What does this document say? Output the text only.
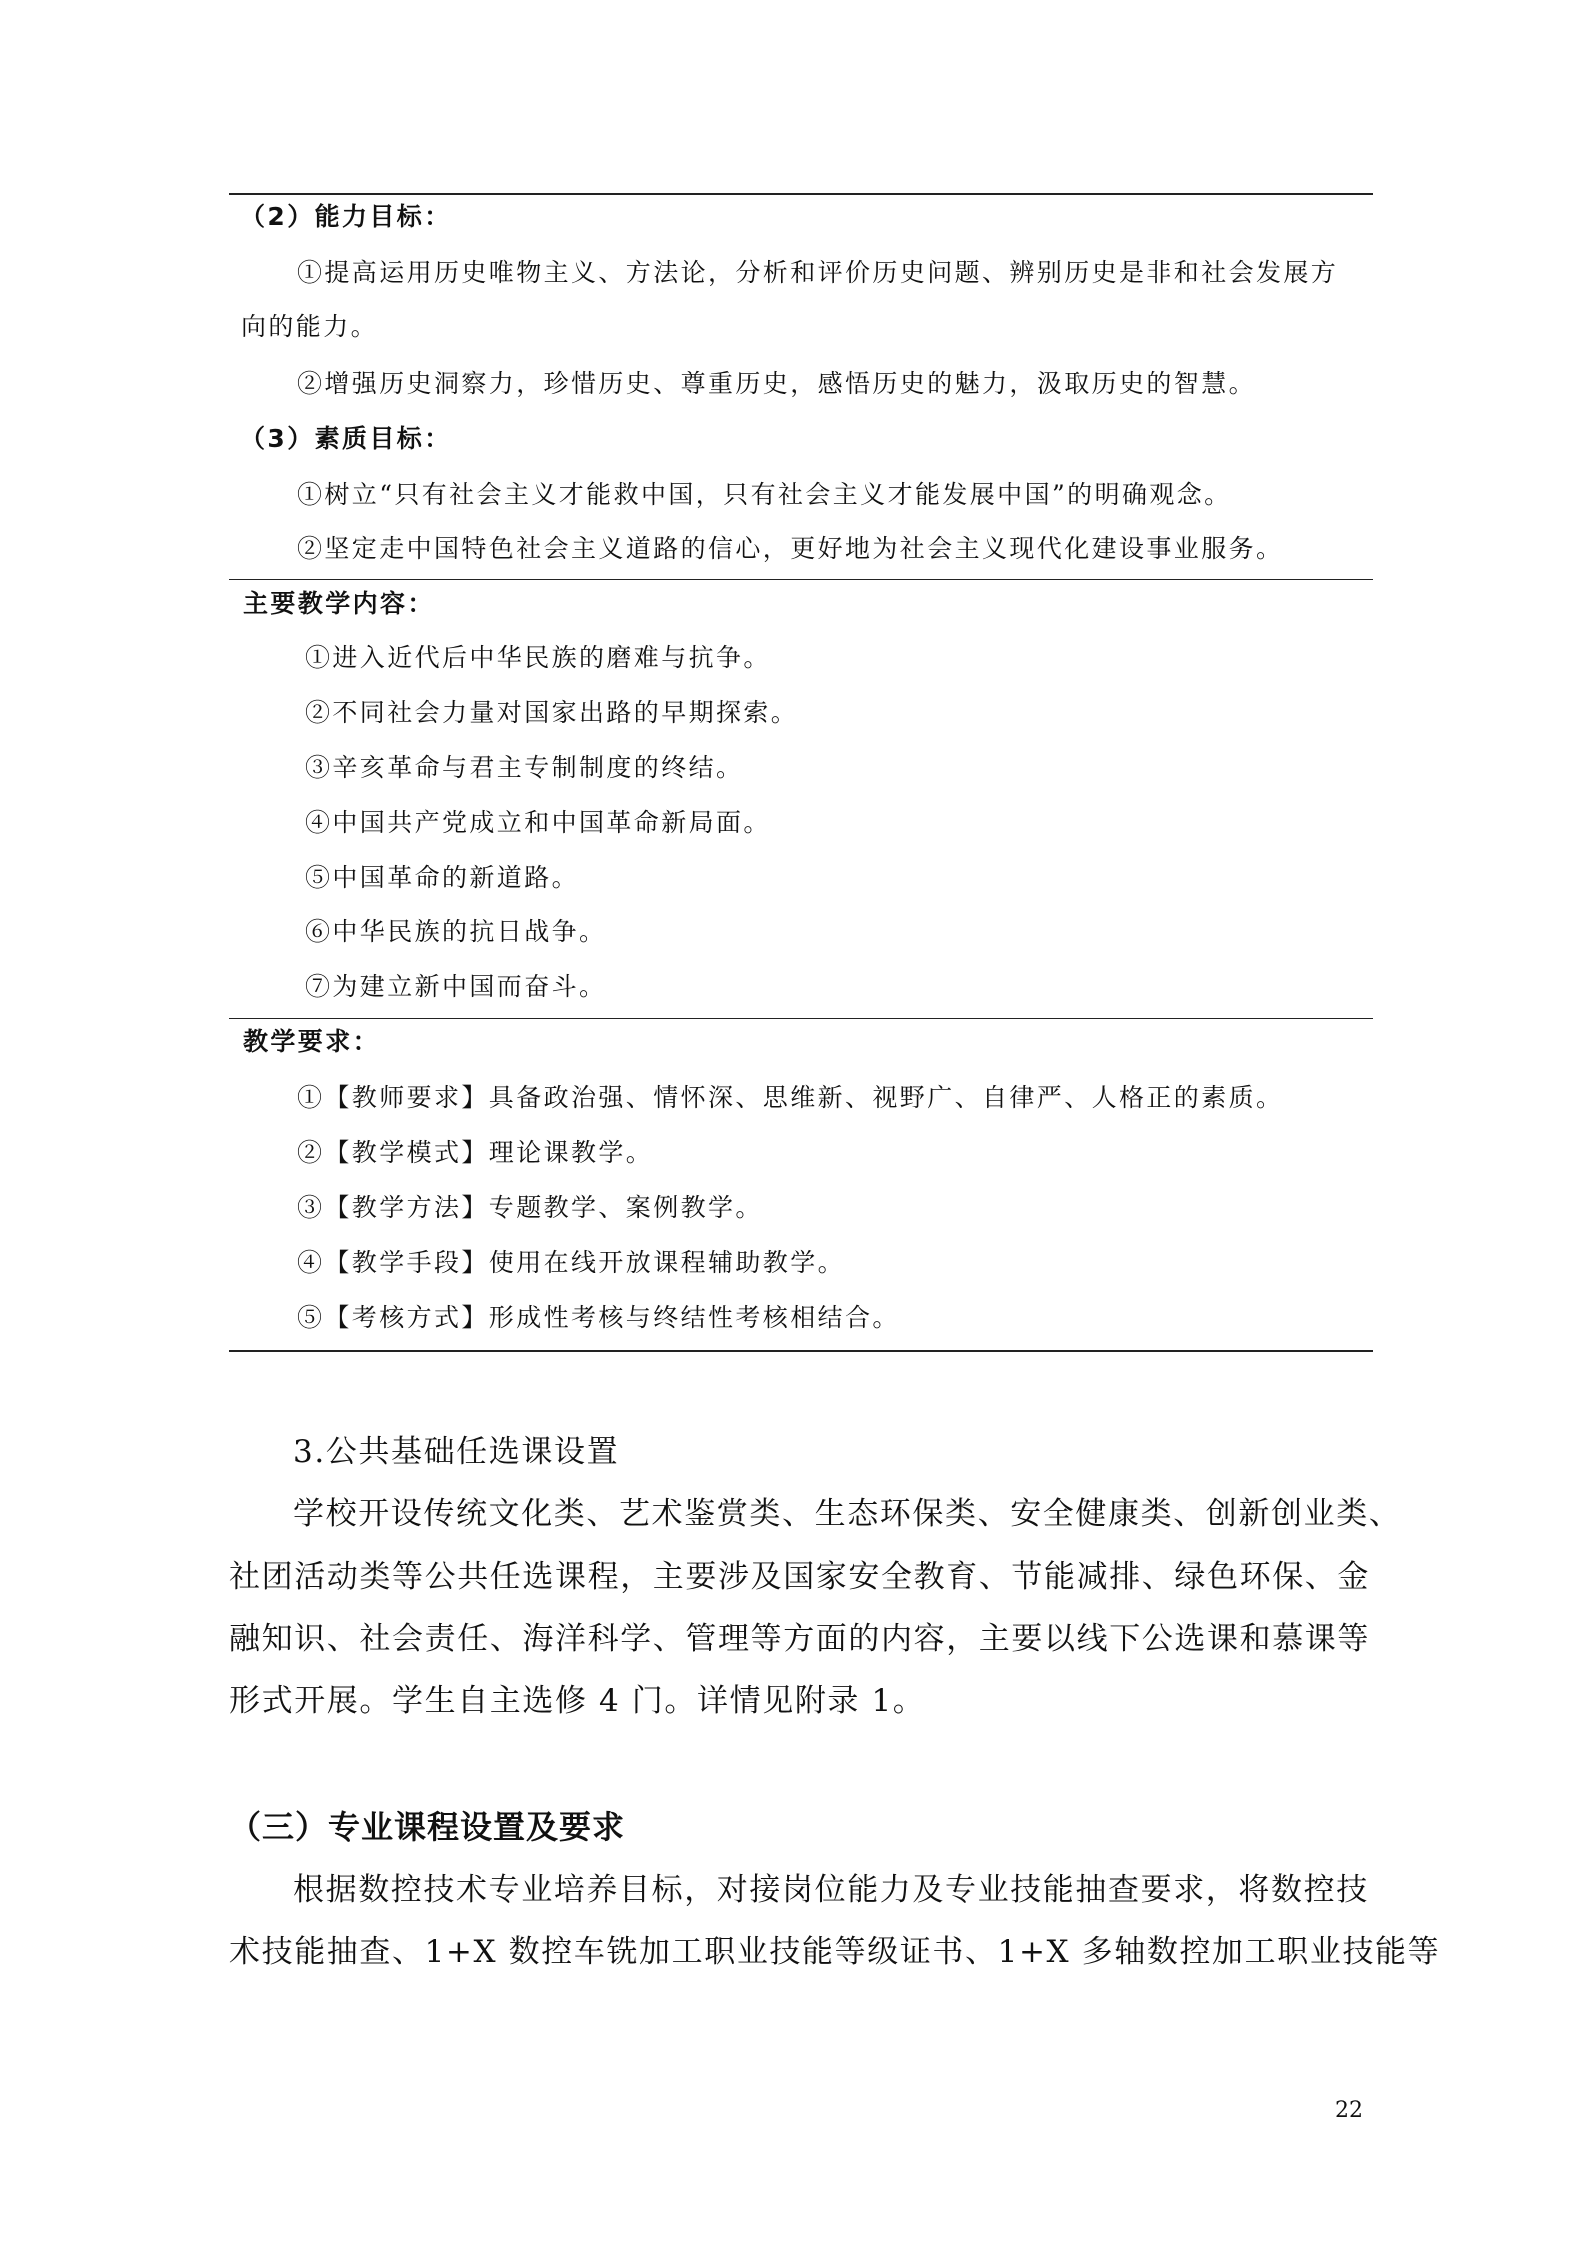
（2）能力目标：
①提高运用历史唯物主义、方法论，分析和评价历史问题、辨别历史是非和社会发展方
向的能力。
②增强历史洞察力，珍惜历史、尊重历史，感悟历史的魅力，汲取历史的智慧。
（3）素质目标：
①树立“只有社会主义才能救中国，只有社会主义才能发展中国”的明确观念。
②坚定走中国特色社会主义道路的信心，更好地为社会主义现代化建设事业服务。
主要教学内容：
①进入近代后中华民族的磨难与抗争。
②不同社会力量对国家出路的早期探索。
③辛亥革命与君主专制制度的终结。
④中国共产党成立和中国革命新局面。
⑤中国革命的新道路。
⑥中华民族的抗日战争。
⑦为建立新中国而奋斗。
教学要求：
①【教师要求】具备政治强、情怀深、思维新、视野广、自律严、人格正的素质。
②【教学模式】理论课教学。
③【教学方法】专题教学、案例教学。
④【教学手段】使用在线开放课程辅助教学。
⑤【考核方式】形成性考核与终结性考核相结合。
3.公共基础任选课设置
学校开设传统文化类、艺术鉴赏类、生态环保类、安全健康类、创新创业类、
社团活动类等公共任选课程，主要涉及国家安全教育、节能减排、绿色环保、金
融知识、社会责任、海洋科学、管理等方面的内容，主要以线下公选课和慕课等
形式开展。学生自主选修 4 门。详情见附录 1。
（三）专业课程设置及要求
根据数控技术专业培养目标，对接岗位能力及专业技能抽查要求，将数控技
术技能抽查、1+X 数控车铣加工职业技能等级证书、1+X 多轴数控加工职业技能等
22
